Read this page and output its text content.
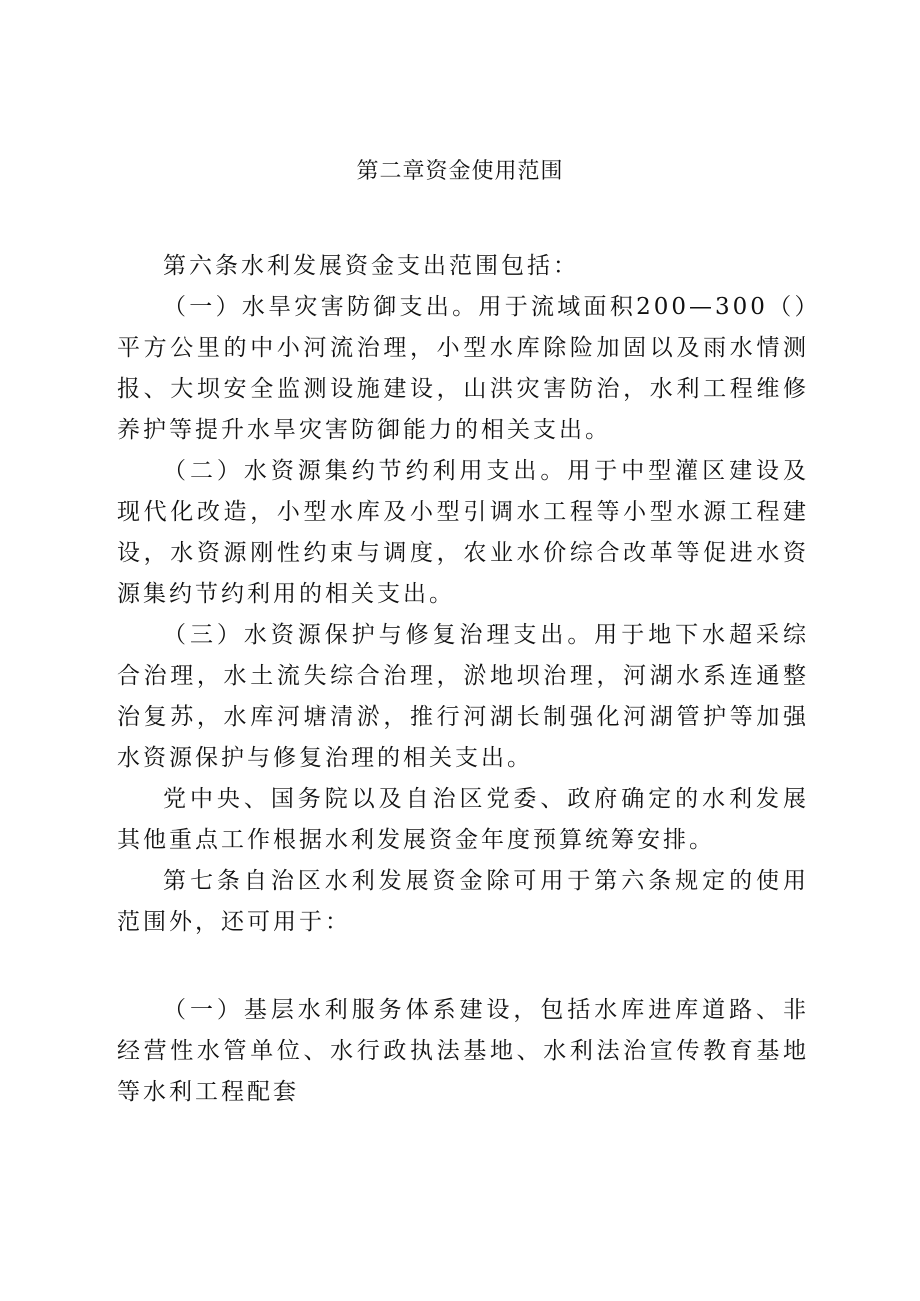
第二章资金使用范围

第六条水利发展资金支出范围包括：

（一）水旱灾害防御支出。用于流域面积200—300（）平方公里的中小河流治理，小型水库除险加固以及雨水情测报、大坝安全监测设施建设，山洪灾害防治，水利工程维修养护等提升水旱灾害防御能力的相关支出。

（二）水资源集约节约利用支出。用于中型灌区建设及现代化改造，小型水库及小型引调水工程等小型水源工程建设，水资源刚性约束与调度，农业水价综合改革等促进水资源集约节约利用的相关支出。

（三）水资源保护与修复治理支出。用于地下水超采综合治理，水土流失综合治理，淤地坝治理，河湖水系连通整治复苏，水库河塘清淤，推行河湖长制强化河湖管护等加强水资源保护与修复治理的相关支出。

党中央、国务院以及自治区党委、政府确定的水利发展其他重点工作根据水利发展资金年度预算统筹安排。

第七条自治区水利发展资金除可用于第六条规定的使用范围外，还可用于：

（一）基层水利服务体系建设，包括水库进库道路、非经营性水管单位、水行政执法基地、水利法治宣传教育基地等水利工程配套
